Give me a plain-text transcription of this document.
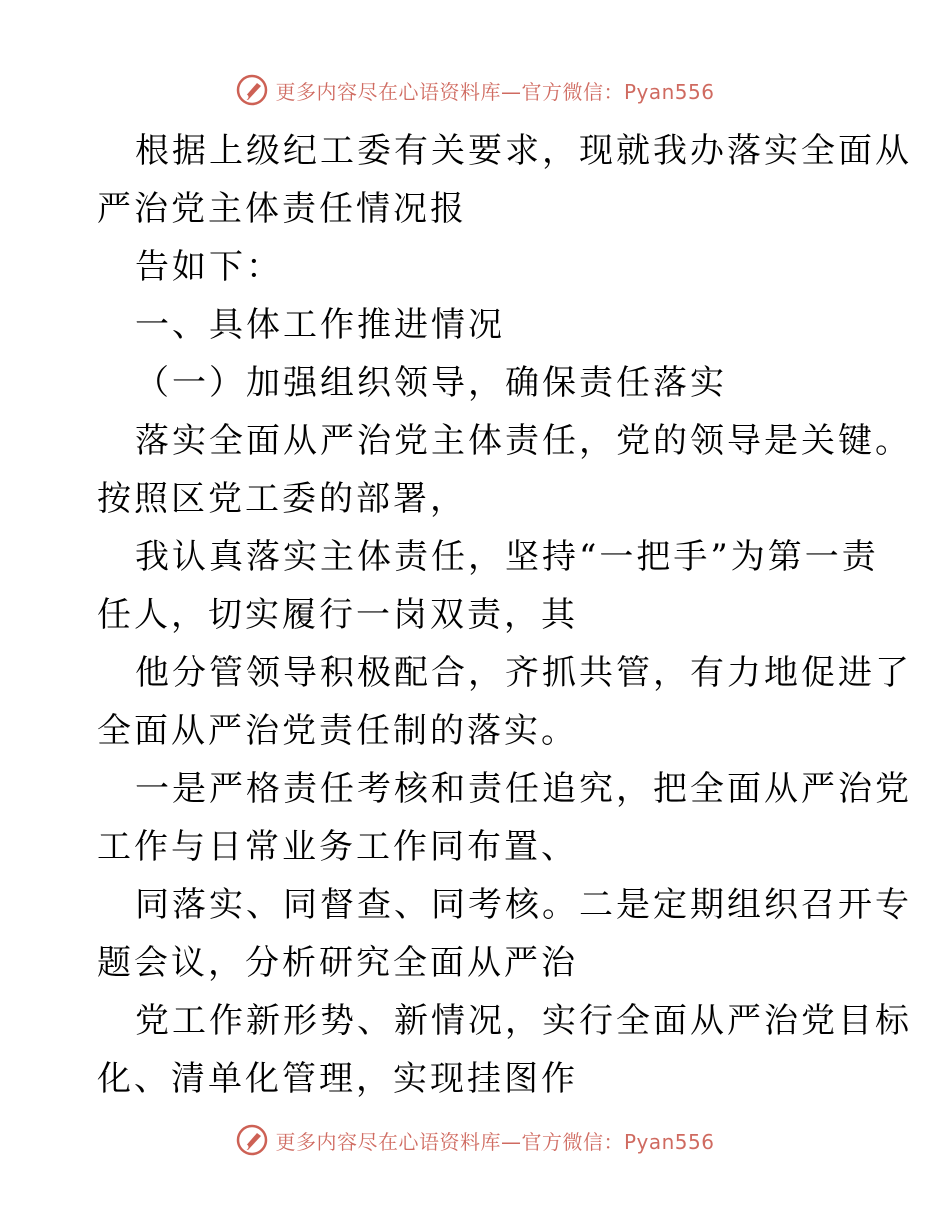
更多内容尽在心语资料库—官方微信：Pyan556
根据上级纪工委有关要求，现就我办落实全面从
严治党主体责任情况报
告如下：
一、具体工作推进情况
（一）加强组织领导，确保责任落实
落实全面从严治党主体责任，党的领导是关键。
按照区党工委的部署，
我认真落实主体责任，坚持“一把手”为第一责
任人，切实履行一岗双责，其
他分管领导积极配合，齐抓共管，有力地促进了
全面从严治党责任制的落实。
一是严格责任考核和责任追究，把全面从严治党
工作与日常业务工作同布置、
同落实、同督查、同考核。二是定期组织召开专
题会议，分析研究全面从严治
党工作新形势、新情况，实行全面从严治党目标
化、清单化管理，实现挂图作
更多内容尽在心语资料库—官方微信：Pyan556
